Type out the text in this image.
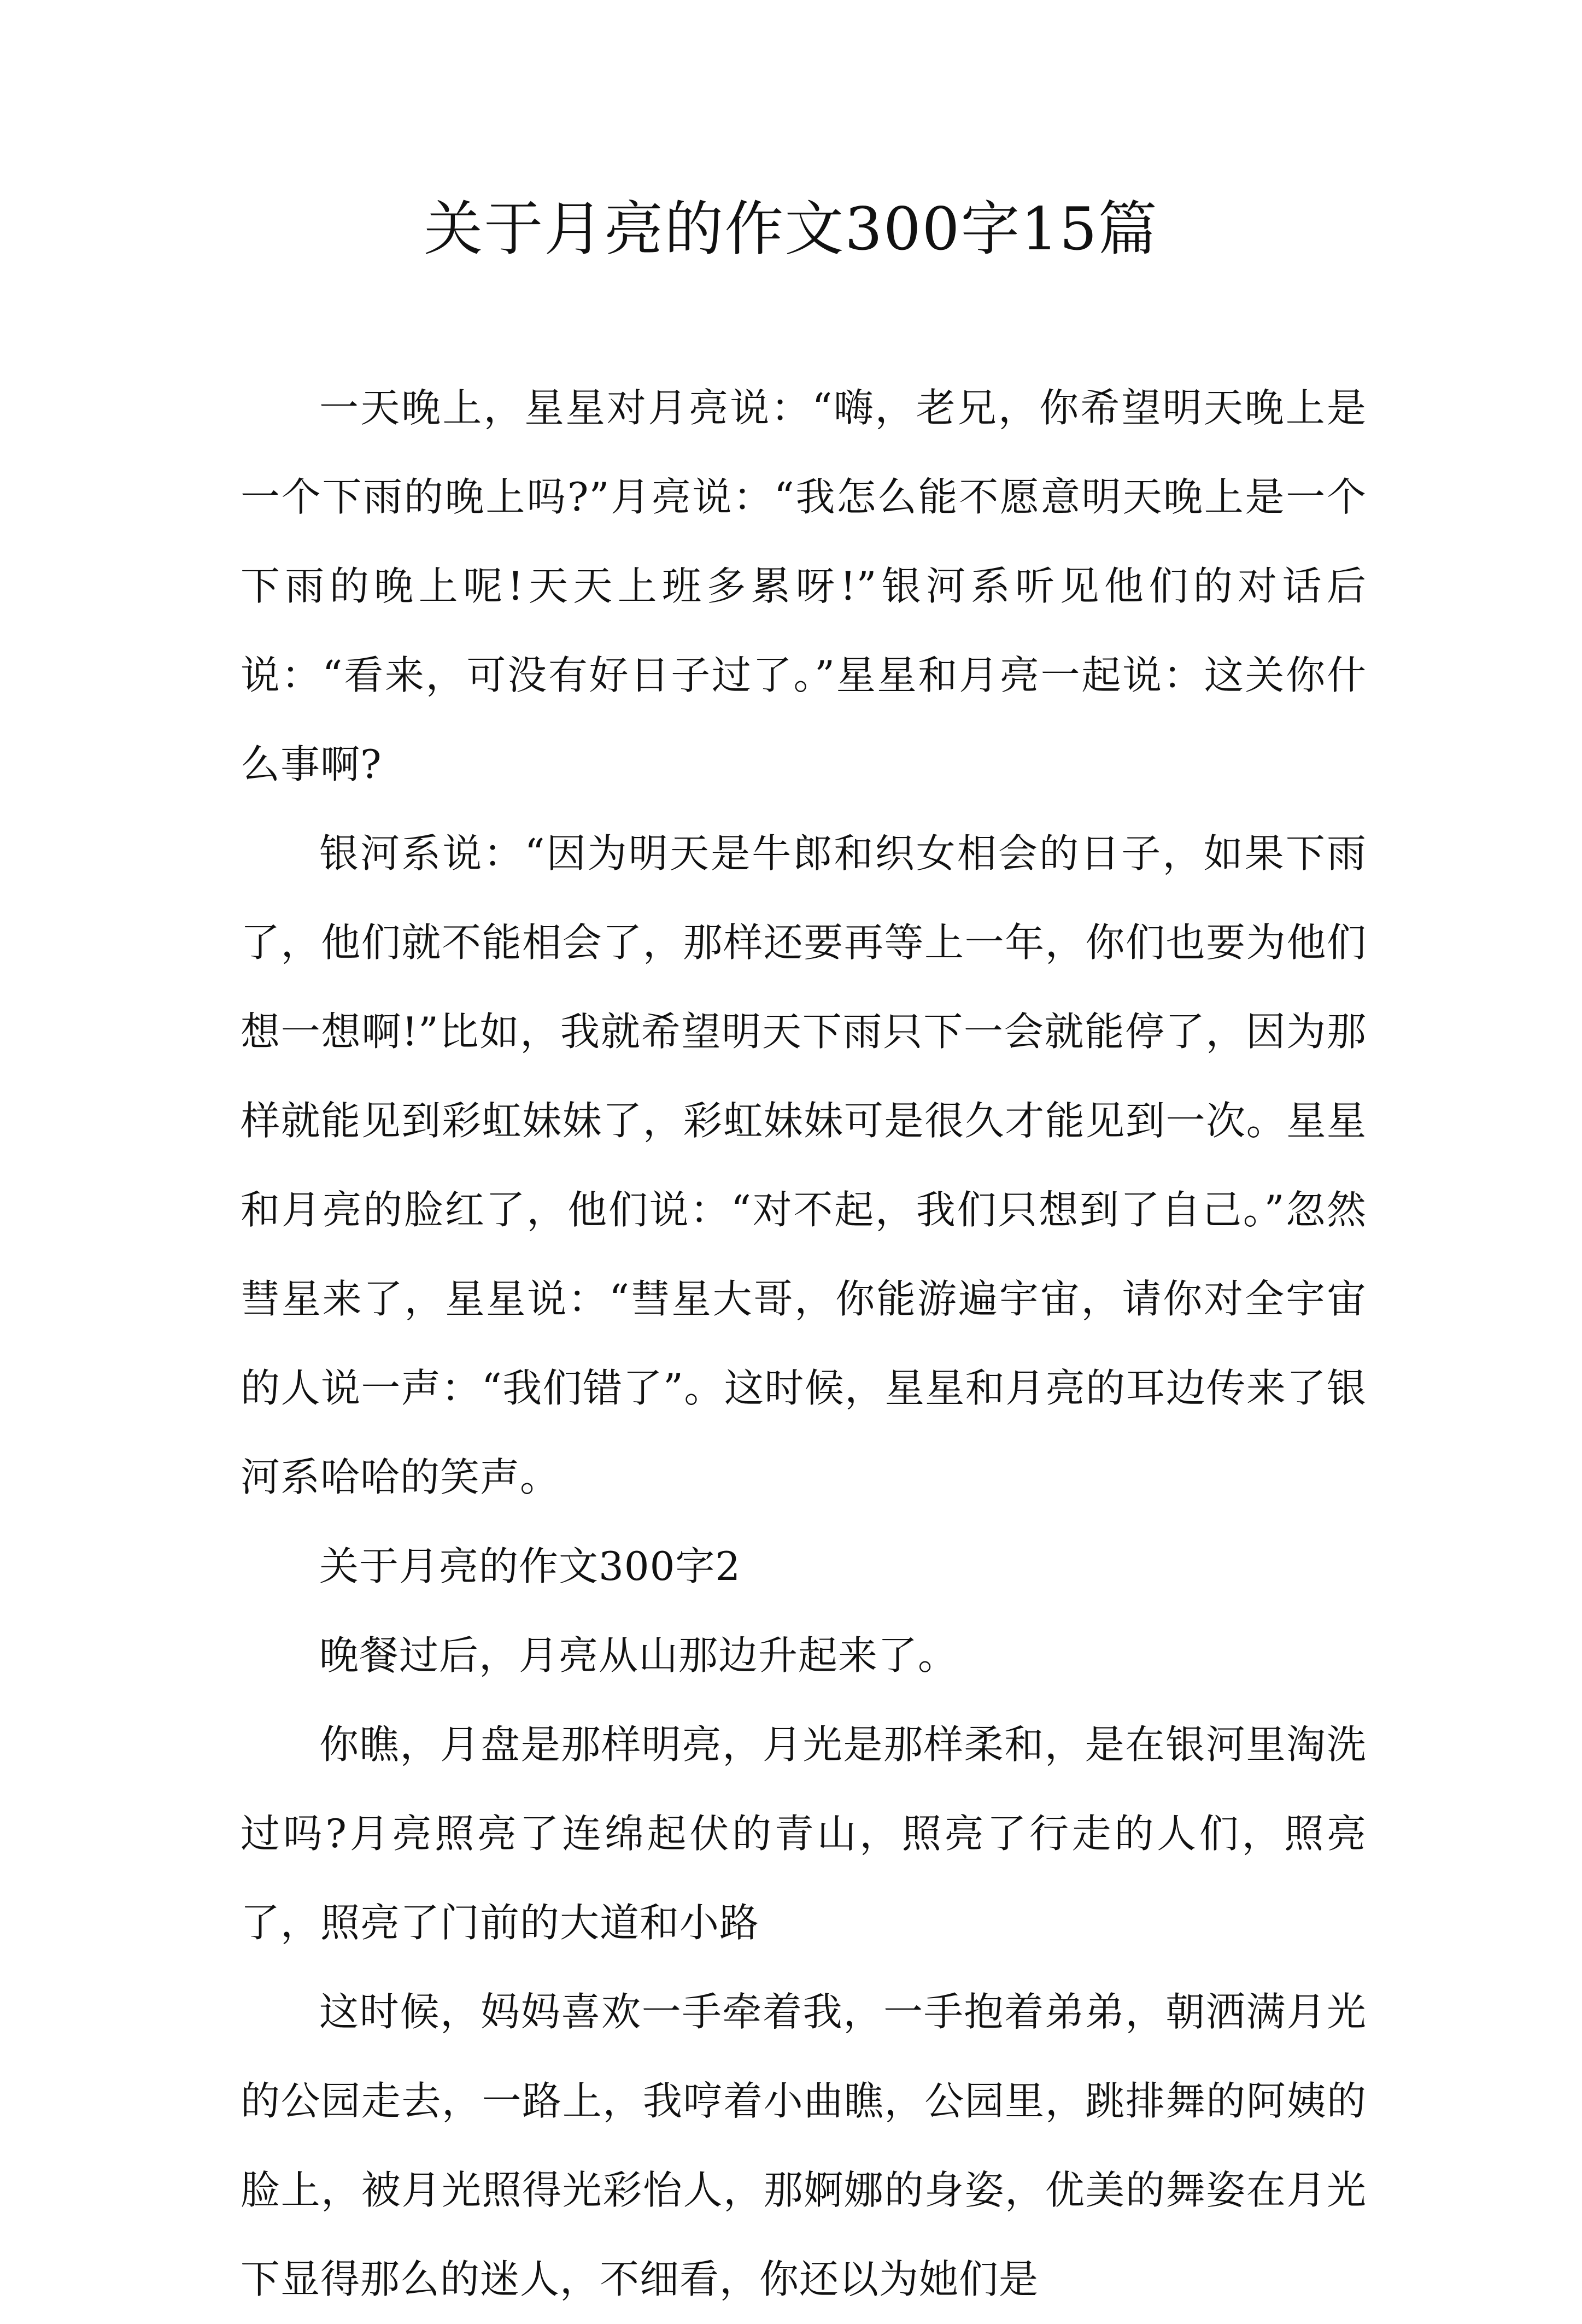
关于月亮的作文300字15篇

一天晚上，星星对月亮说：“嗨，老兄，你希望明天晚上是一个下雨的晚上吗?”月亮说：“我怎么能不愿意明天晚上是一个下雨的晚上呢!天天上班多累呀!”银河系听见他们的对话后说：“看来，可没有好日子过了。”星星和月亮一起说：这关你什么事啊?

银河系说：“因为明天是牛郎和织女相会的日子，如果下雨了，他们就不能相会了，那样还要再等上一年，你们也要为他们想一想啊!”比如，我就希望明天下雨只下一会就能停了，因为那样就能见到彩虹妹妹了，彩虹妹妹可是很久才能见到一次。星星和月亮的脸红了，他们说：“对不起，我们只想到了自己。”忽然彗星来了，星星说：“彗星大哥，你能游遍宇宙，请你对全宇宙的人说一声：“我们错了”。这时候，星星和月亮的耳边传来了银河系哈哈的笑声。

关于月亮的作文300字2

晚餐过后，月亮从山那边升起来了。

你瞧，月盘是那样明亮，月光是那样柔和，是在银河里淘洗过吗?月亮照亮了连绵起伏的青山，照亮了行走的人们，照亮了，照亮了门前的大道和小路

这时候，妈妈喜欢一手牵着我，一手抱着弟弟，朝洒满月光的公园走去，一路上，我哼着小曲瞧，公园里，跳排舞的阿姨的脸上，被月光照得光彩怡人，那婀娜的身姿，优美的舞姿在月光下显得那么的迷人，不细看，你还以为她们是
